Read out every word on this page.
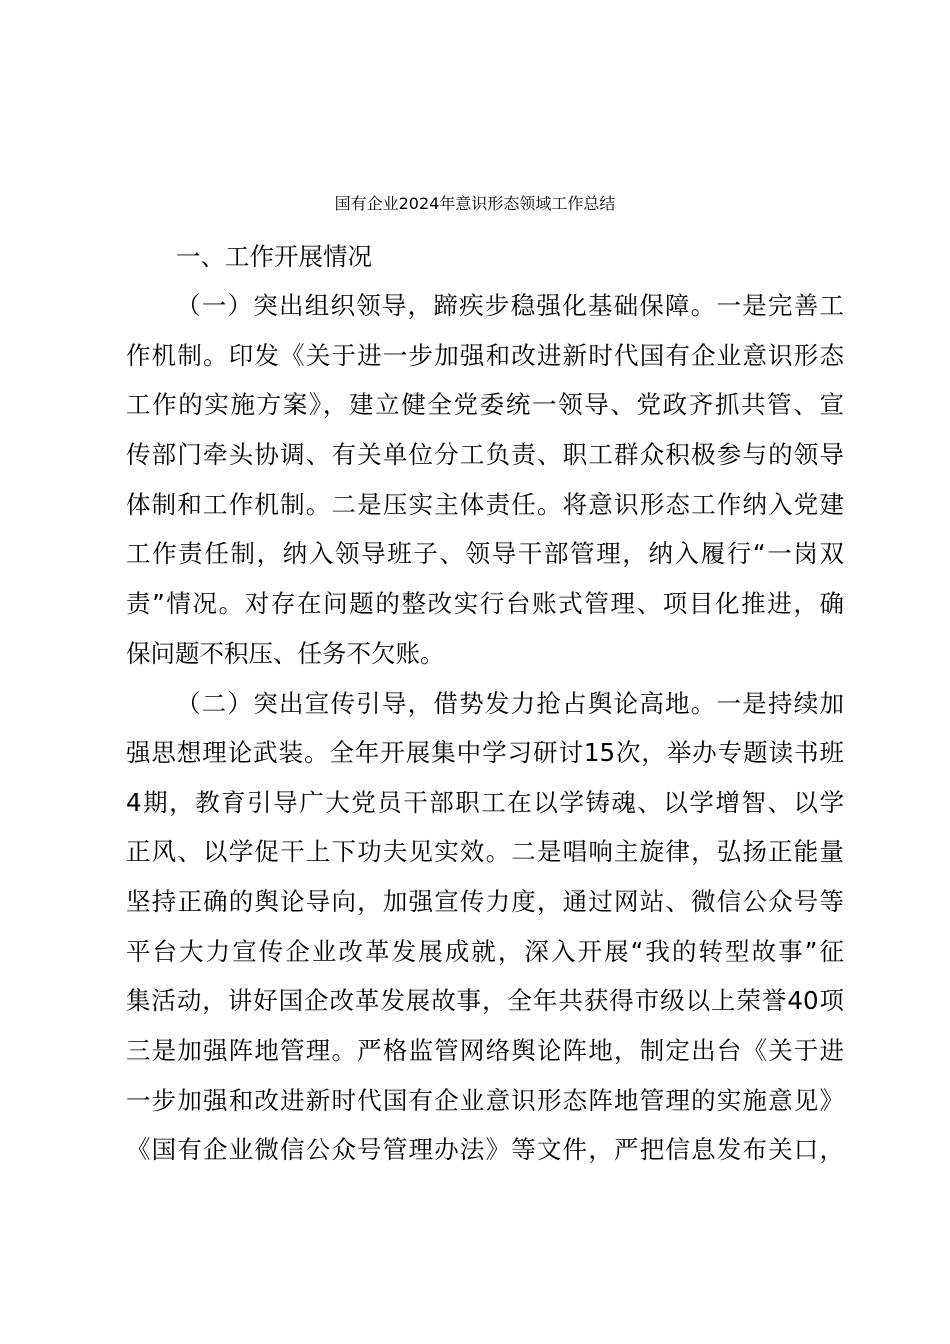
国有企业2024年意识形态领域工作总结
一、工作开展情况
（一）突出组织领导，蹄疾步稳强化基础保障。一是完善工
作机制。印发《关于进一步加强和改进新时代国有企业意识形态
工作的实施方案》，建立健全党委统一领导、党政齐抓共管、宣
传部门牵头协调、有关单位分工负责、职工群众积极参与的领导
体制和工作机制。二是压实主体责任。将意识形态工作纳入党建
工作责任制，纳入领导班子、领导干部管理，纳入履行“一岗双
责”情况。对存在问题的整改实行台账式管理、项目化推进，确
保问题不积压、任务不欠账。
（二）突出宣传引导，借势发力抢占舆论高地。一是持续加
强思想理论武装。全年开展集中学习研讨15次，举办专题读书班
4期，教育引导广大党员干部职工在以学铸魂、以学增智、以学
正风、以学促干上下功夫见实效。二是唱响主旋律，弘扬正能量
坚持正确的舆论导向，加强宣传力度，通过网站、微信公众号等
平台大力宣传企业改革发展成就，深入开展“我的转型故事”征
集活动，讲好国企改革发展故事，全年共获得市级以上荣誉40项
三是加强阵地管理。严格监管网络舆论阵地，制定出台《关于进
一步加强和改进新时代国有企业意识形态阵地管理的实施意见》
《国有企业微信公众号管理办法》等文件，严把信息发布关口，
